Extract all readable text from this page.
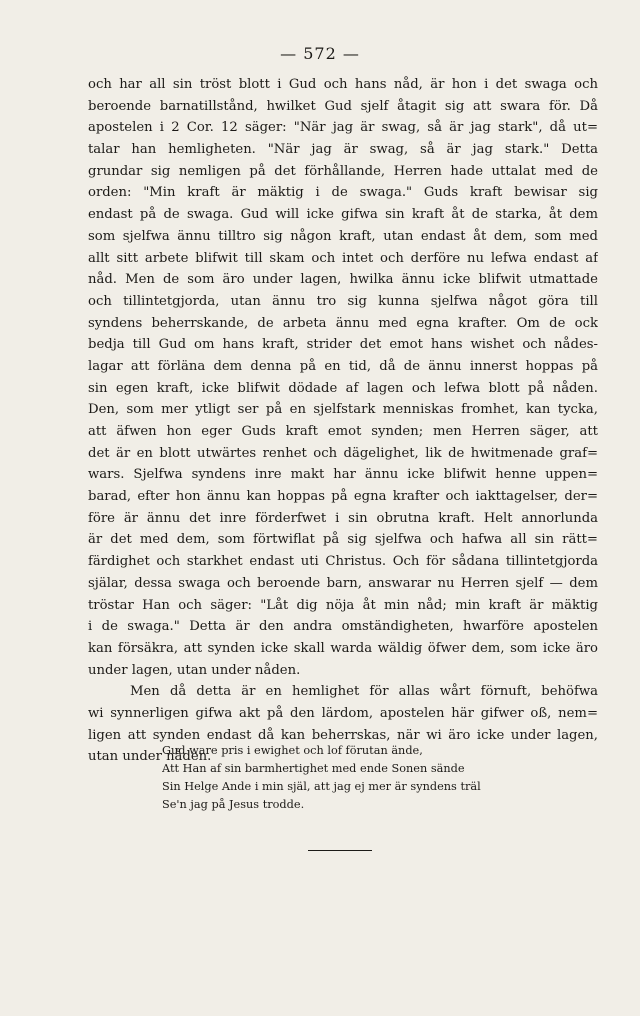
— 572 —
och har all sin tröst blott i Gud och hans nåd, är hon i det swaga och
beroende barnatillstånd, hwilket Gud sjelf åtagit sig att swara för. Då
apostelen i 2 Cor. 12 säger: "När jag är swag, så är jag stark", då ut=
talar han hemligheten. "När jag är swag, så är jag stark." Detta
grundar sig nemligen på det förhållande, Herren hade uttalat med de
orden: "Min kraft är mäktig i de swaga." Guds kraft bewisar sig
endast på de swaga. Gud will icke gifwa sin kraft åt de starka, åt dem
som sjelfwa ännu tilltro sig någon kraft, utan endast åt dem, som med
allt sitt arbete blifwit till skam och intet och derföre nu lefwa endast af
nåd. Men de som äro under lagen, hwilka ännu icke blifwit utmattade
och tillintetgjorda, utan ännu tro sig kunna sjelfwa något göra till
syndens beherrskande, de arbeta ännu med egna krafter. Om de ock
bedja till Gud om hans kraft, strider det emot hans wishet och nådes-
lagar att förläna dem denna på en tid, då de ännu innerst hoppas på
sin egen kraft, icke blifwit dödade af lagen och lefwa blott på nåden.
Den, som mer ytligt ser på en sjelfstark menniskas fromhet, kan tycka,
att äfwen hon eger Guds kraft emot synden; men Herren säger, att
det är en blott utwärtes renhet och dägelighet, lik de hwitmenade graf=
wars. Sjelfwa syndens inre makt har ännu icke blifwit henne uppen=
barad, efter hon ännu kan hoppas på egna krafter och iakttagelser, der=
före är ännu det inre förderfwet i sin obrutna kraft. Helt annorlunda
är det med dem, som förtwiflat på sig sjelfwa och hafwa all sin rätt=
färdighet och starkhet endast uti Christus. Och för sådana tillintetgjorda
själar, dessa swaga och beroende barn, answarar nu Herren sjelf — dem
tröstar Han och säger: "Låt dig nöja åt min nåd; min kraft är mäktig
i de swaga." Detta är den andra omständigheten, hwarföre apostelen
kan försäkra, att synden icke skall warda wäldig öfwer dem, som icke äro
under lagen, utan under nåden.
Men då detta är en hemlighet för allas wårt förnuft, behöfwa
wi synnerligen gifwa akt på den lärdom, apostelen här gifwer oß, nem=
ligen att synden endast då kan beherrskas, när wi äro icke under lagen,
utan under nåden.
Gud ware pris i ewighet och lof förutan ände,
Att Han af sin barmhertighet med ende Sonen sände
Sin Helge Ande i min själ, att jag ej mer är syndens träl
Se'n jag på Jesus trodde.
